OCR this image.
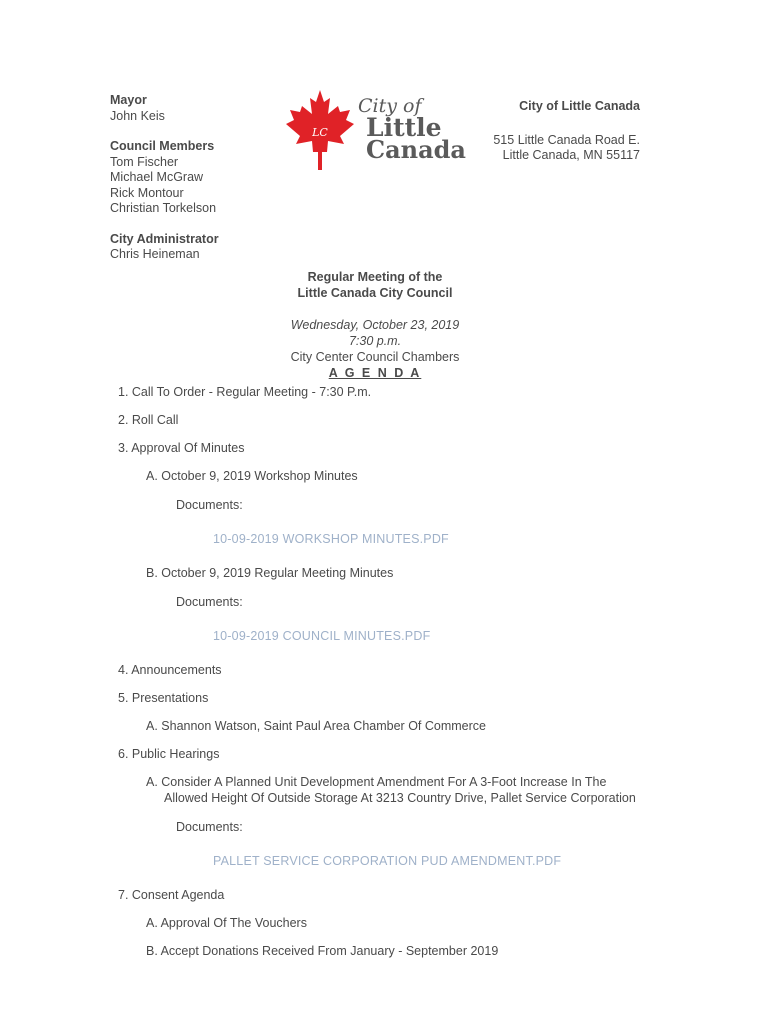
Mayor
John Keis
Council Members
Tom Fischer
Michael McGraw
Rick Montour
Christian Torkelson
City Administrator
Chris Heineman
LC
City of
Little
Canada
City of Little Canada
515 Little Canada Road E.
Little Canada, MN 55117
Regular Meeting of the
Little Canada City Council
Wednesday, October 23, 2019
7:30 p.m.
City Center Council Chambers
A G E N D A
1. Call To Order - Regular Meeting - 7:30 P.m.
2. Roll Call
3. Approval Of Minutes
A. October 9, 2019 Workshop Minutes
Documents:
10-09-2019 WORKSHOP MINUTES.PDF
B. October 9, 2019 Regular Meeting Minutes
Documents:
10-09-2019 COUNCIL MINUTES.PDF
4. Announcements
5. Presentations
A. Shannon Watson, Saint Paul Area Chamber Of Commerce
6. Public Hearings
A. Consider A Planned Unit Development Amendment For A 3-Foot Increase In The
Allowed Height Of Outside Storage At 3213 Country Drive, Pallet Service Corporation
Documents:
PALLET SERVICE CORPORATION PUD AMENDMENT.PDF
7. Consent Agenda
A. Approval Of The Vouchers
B. Accept Donations Received From January - September 2019
